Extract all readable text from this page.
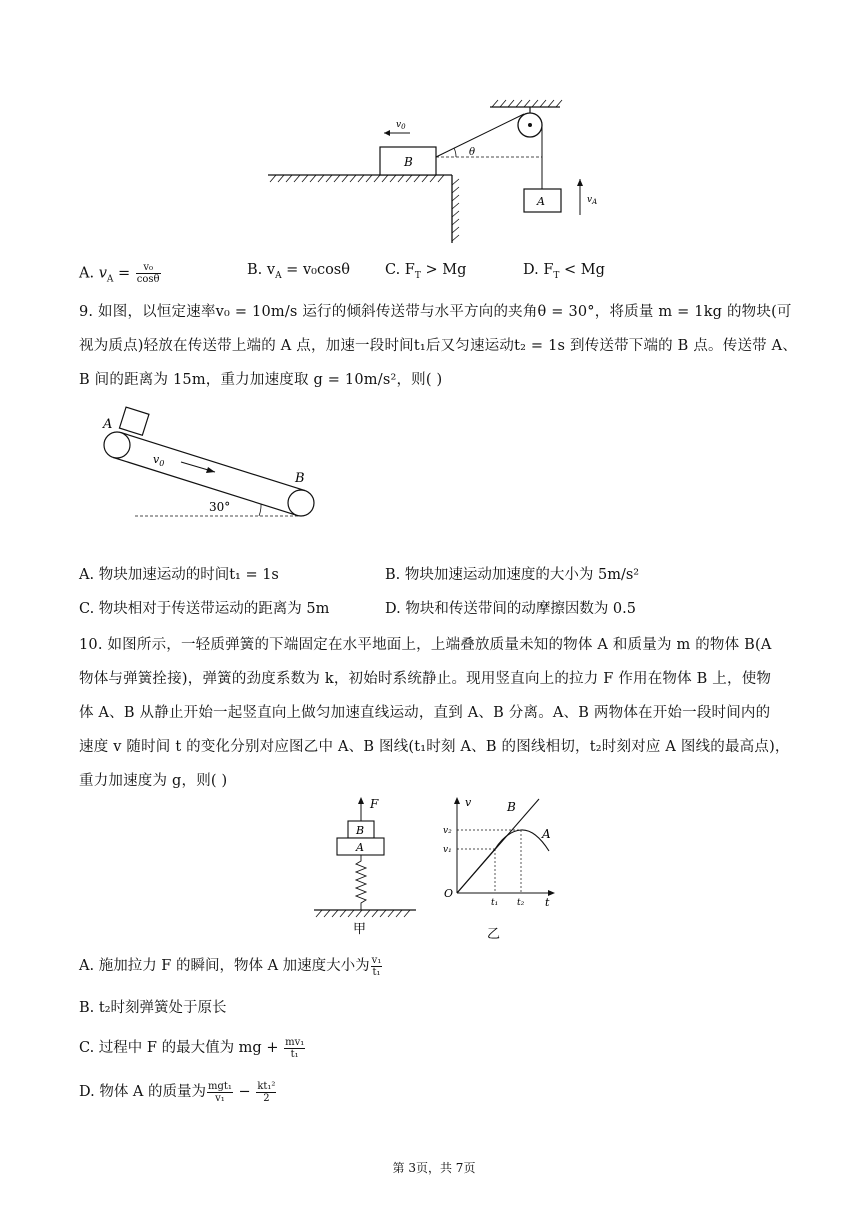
θ
B
$v_0$
A	$v_A$
A. $v_A = \frac{\text{v₀}}{\cos\theta}$	B. $v_A = v_0\cos\theta$ C. $F_T > Mg$	D. $F_T < Mg$
9. 如图，以恒定速率v₀ = 10m/s 运行的倾斜传送带与水平方向的夹角θ = 30°，将质量 m = 1kg 的物块(可
视为质点)轻放在传送带上端的 A 点，加速一段时间t₁后又匀速运动t₂ = 1s 到传送带下端的 B 点。传送带 A、
B 间的距离为 15m，重力加速度取 g = 10m/s²，则( )
A
B
$v_0$
30°
A. 物块加速运动的时间t₁ = 1s	B. 物块加速运动加速度的大小为 5m/s²
C. 物块相对于传送带运动的距离为 5m	D. 物块和传送带间的动摩擦因数为 0.5
10. 如图所示，一轻质弹簧的下端固定在水平地面上，上端叠放质量未知的物体 A 和质量为 m 的物体 B(A
物体与弹簧拴接)，弹簧的劲度系数为 k，初始时系统静止。现用竖直向上的拉力 F 作用在物体 B 上，使物
体 A、B 从静止开始一起竖直向上做匀加速直线运动，直到 A、B 分离。A、B 两物体在开始一段时间内的
速度 v 随时间 t 的变化分别对应图乙中 A、B 图线(t₁时刻 A、B 的图线相切，t₂时刻对应 A 图线的最高点)，
重力加速度为 g，则( )
F
B
A
甲
v
t
O
B
A
v₂
v₁
t₁ t₂
乙
A. 施加拉力 F 的瞬间，物体 A 加速度大小为 $\frac{\text{v₁}}{\text{t₁}}$
B. t₂时刻弹簧处于原长
C. 过程中 F 的最大值为 mg + $\frac{\text{mv₁}}{\text{t₁}}$
D. 物体 A 的质量为 $\frac{\text{mgt₁}}{\text{v₁}} - \frac{\text{kt₁²}}{2}$
第 3页，共 7页
